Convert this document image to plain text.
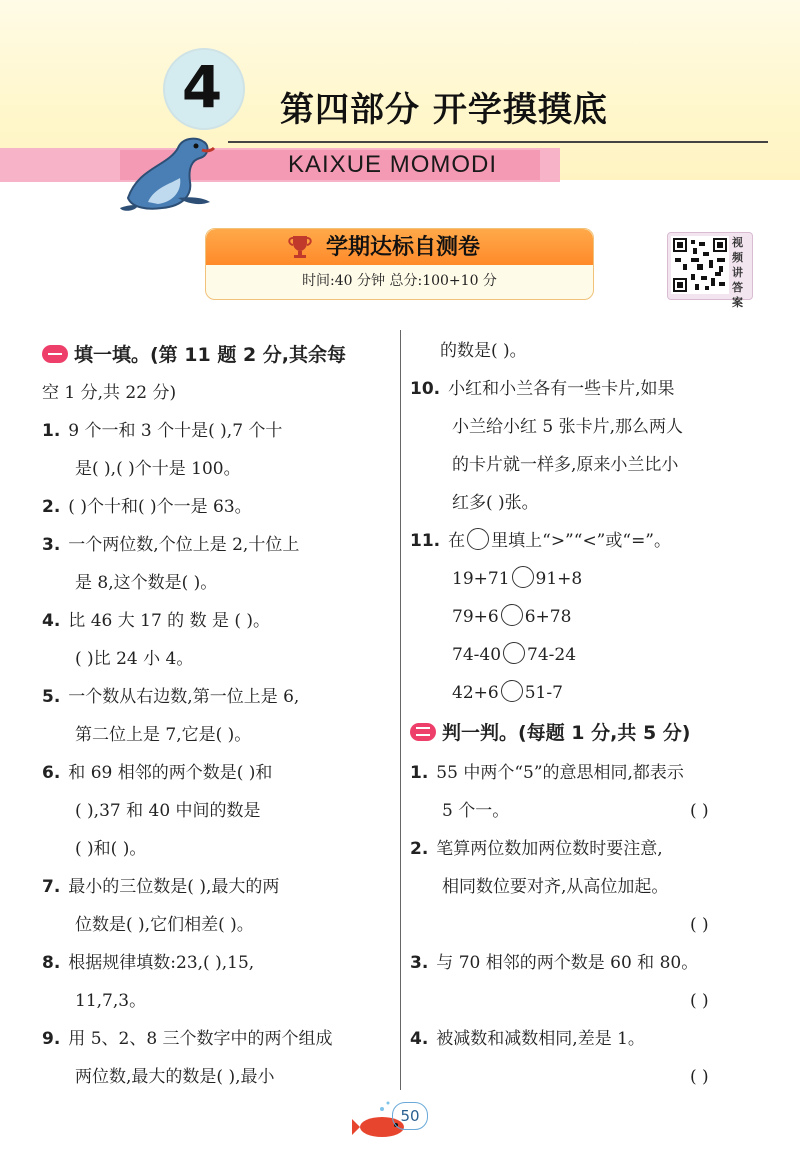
4	第四部分 开学摸摸底
KAIXUE MOMODI
学期达标自测卷
时间:40 分钟 总分:100+10 分
视频讲答案
填一填。(第 11 题 2 分,其余每
空 1 分,共 22 分)
1. 9 个一和 3 个十是( ),7 个十
是( ),( )个十是 100。
2. ( )个十和( )个一是 63。
3. 一个两位数,个位上是 2,十位上
是 8,这个数是( )。
4. 比 46 大 17 的 数 是 ( )。
( )比 24 小 4。
5. 一个数从右边数,第一位上是 6,
第二位上是 7,它是( )。
6. 和 69 相邻的两个数是( )和
( ),37 和 40 中间的数是
( )和( )。
7. 最小的三位数是( ),最大的两
位数是( ),它们相差( )。
8. 根据规律填数:23,( ),15,
11,7,3。
9. 用 5、2、8 三个数字中的两个组成
两位数,最大的数是( ),最小
的数是( )。
10. 小红和小兰各有一些卡片,如果
小兰给小红 5 张卡片,那么两人
的卡片就一样多,原来小兰比小
红多( )张。
11. 在 里填上“>”“<”或“=”。
19+71 91+8
79+6 6+78
74-40 74-24
42+6 51-7
判一判。(每题 1 分,共 5 分)
1. 55 中两个“5”的意思相同,都表示
5 个一。	( )
2. 笔算两位数加两位数时要注意,
相同数位要对齐,从高位加起。
( )
3. 与 70 相邻的两个数是 60 和 80。
( )
4. 被减数和减数相同,差是 1。
( )
50
